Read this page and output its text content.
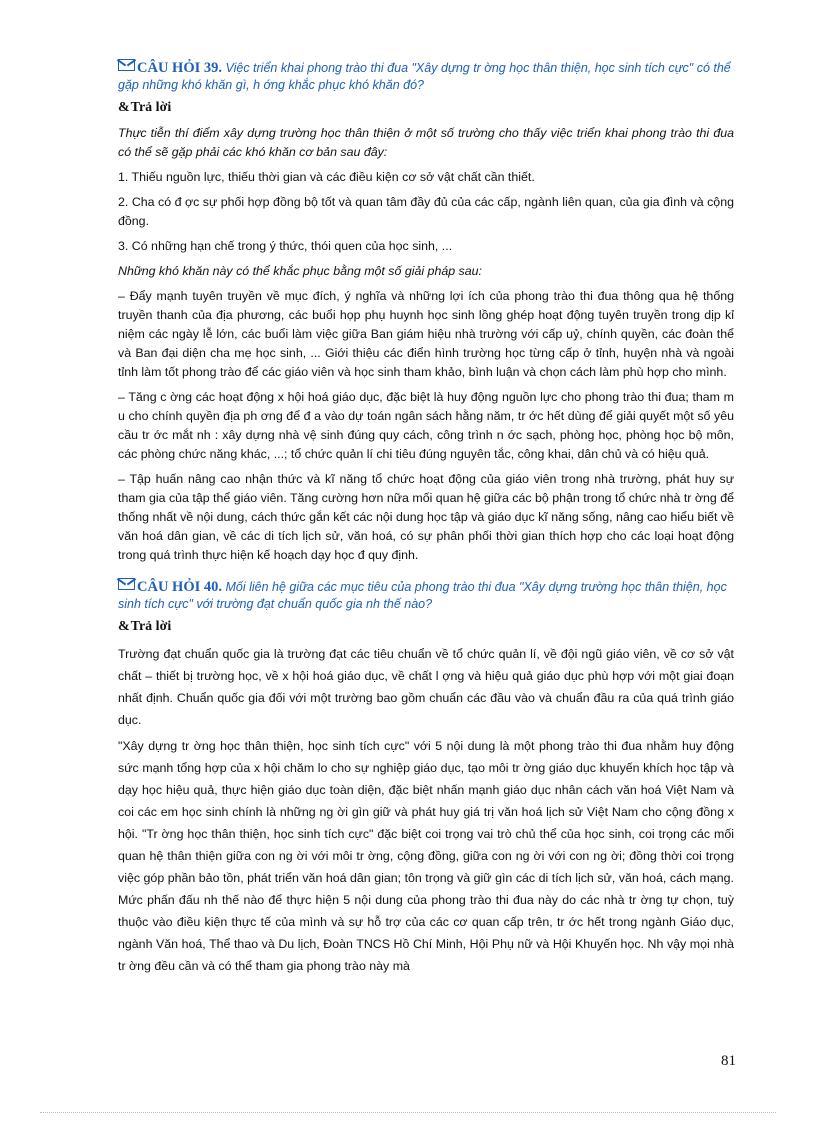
CÂU HỎI 39. Việc triển khai phong trào thi đua "Xây dựng tr ờng học thân thiện, học sinh tích cực" có thể gặp những khó khăn gì, h ớng khắc phục khó khăn đó?
&Trả lời

Thực tiễn thí điểm xây dựng trường học thân thiện ở một số trường cho thấy việc triển khai phong trào thi đua có thể sẽ gặp phải các khó khăn cơ bản sau đây:

1. Thiếu nguồn lực, thiếu thời gian và các điều kiện cơ sở vật chất cần thiết.

2. Cha có đ ợc sự phối hợp đồng bộ tốt và quan tâm đầy đủ của các cấp, ngành liên quan, của gia đình và cộng đồng.

3. Có những hạn chế trong ý thức, thói quen của học sinh, ...

Những khó khăn này có thể khắc phục bằng một số giải pháp sau:

– Đẩy mạnh tuyên truyền về mục đích, ý nghĩa và những lợi ích của phong trào thi đua thông qua hệ thống truyền thanh của địa phương, các buổi họp phụ huynh học sinh lồng ghép hoạt động tuyên truyền trong dịp kỉ niệm các ngày lễ lớn, các buổi làm việc giữa Ban giám hiệu nhà trường với cấp uỷ, chính quyền, các đoàn thể và Ban đại diện cha mẹ học sinh, ... Giới thiệu các điển hình trường học từng cấp ở tỉnh, huyện nhà và ngoài tỉnh làm tốt phong trào để các giáo viên và học sinh tham khảo, bình luận và chọn cách làm phù hợp cho mình.

– Tăng c ờng các hoạt động x hội hoá giáo dục, đặc biệt là huy động nguồn lực cho phong trào thi đua; tham m u cho chính quyền địa ph ơng để đ a vào dự toán ngân sách hằng năm, tr ớc hết dùng để giải quyết một số yêu cầu tr ớc mắt nh : xây dựng nhà vệ sinh đúng quy cách, công trình n ớc sạch, phòng học, phòng học bộ môn, các phòng chức năng khác, ...; tổ chức quản lí chi tiêu đúng nguyên tắc, công khai, dân chủ và có hiệu quả.

– Tập huấn nâng cao nhận thức và kĩ năng tổ chức hoạt động của giáo viên trong nhà trường, phát huy sự tham gia của tập thể giáo viên. Tăng cường hơn nữa mối quan hệ giữa các bộ phận trong tổ chức nhà tr ờng để thống nhất về nội dung, cách thức gắn kết các nội dung học tập và giáo dục kĩ năng sống, nâng cao hiểu biết về văn hoá dân gian, về các di tích lịch sử, văn hoá, có sự phân phối thời gian thích hợp cho các loại hoạt động trong quá trình thực hiện kế hoạch dạy học đ quy định.

CÂU HỎI 40. Mối liên hệ giữa các mục tiêu của phong trào thi đua "Xây dựng trường học thân thiện, học sinh tích cực" với trường đạt chuẩn quốc gia nh thế nào?
&Trả lời

Trường đạt chuẩn quốc gia là trường đạt các tiêu chuẩn về tổ chức quản lí, về đội ngũ giáo viên, về cơ sở vật chất – thiết bị trường học, về x hội hoá giáo dục, về chất l ợng và hiệu quả giáo dục phù hợp với một giai đoạn nhất định. Chuẩn quốc gia đối với một trường bao gồm chuẩn các đầu vào và chuẩn đầu ra của quá trình giáo dục.

"Xây dựng tr ờng học thân thiện, học sinh tích cực" với 5 nội dung là một phong trào thi đua nhằm huy động sức mạnh tổng hợp của x hội chăm lo cho sự nghiệp giáo dục, tạo môi tr ờng giáo dục khuyến khích học tập và dạy học hiệu quả, thực hiện giáo dục toàn diện, đặc biệt nhấn mạnh giáo dục nhân cách văn hoá Việt Nam và coi các em học sinh chính là những ng ời gìn giữ và phát huy giá trị văn hoá lịch sử Việt Nam cho cộng đồng x hội. "Tr ờng học thân thiện, học sinh tích cực" đặc biệt coi trọng vai trò chủ thể của học sinh, coi trọng các mối quan hệ thân thiện giữa con ng ời với môi tr ờng, cộng đồng, giữa con ng ời với con ng ời; đồng thời coi trọng việc góp phần bảo tồn, phát triển văn hoá dân gian; tôn trọng và giữ gìn các di tích lịch sử, văn hoá, cách mạng. Mức phấn đấu nh thế nào để thực hiện 5 nội dung của phong trào thi đua này do các nhà tr ờng tự chọn, tuỳ thuộc vào điều kiện thực tế của mình và sự hỗ trợ của các cơ quan cấp trên, tr ớc hết trong ngành Giáo dục, ngành Văn hoá, Thể thao và Du lịch, Đoàn TNCS Hồ Chí Minh, Hội Phụ nữ và Hội Khuyến học. Nh vậy mọi nhà tr ờng đều cần và có thể tham gia phong trào này mà

81
